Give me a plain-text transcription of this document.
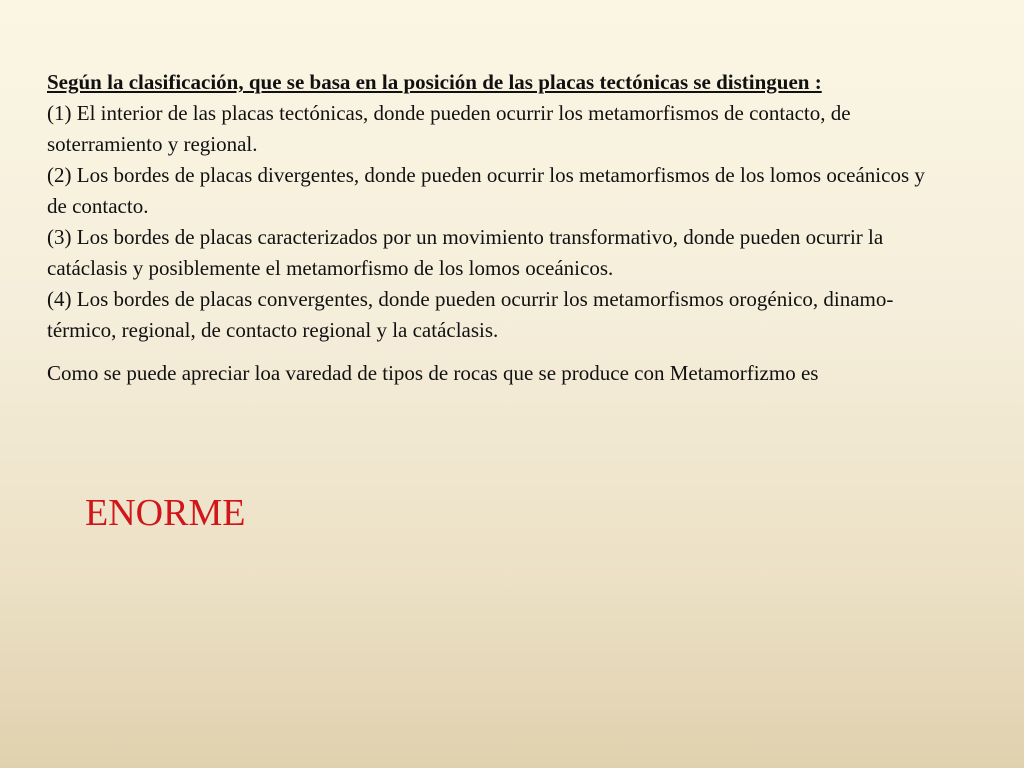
Según la clasificación, que se basa en la posición de las placas tectónicas se distinguen :

(1) El interior de las placas tectónicas, donde pueden ocurrir los metamorfismos de contacto, de soterramiento y regional.

(2) Los bordes de placas divergentes, donde pueden ocurrir los metamorfismos de los lomos oceánicos y de contacto.

(3) Los bordes de placas caracterizados por un movimiento transformativo, donde pueden ocurrir la catáclasis y posiblemente el metamorfismo de los lomos oceánicos.

(4) Los bordes de placas convergentes, donde pueden ocurrir los metamorfismos orogénico, dinamo-térmico, regional, de contacto regional y la catáclasis.

Como se puede apreciar loa varedad de tipos de rocas que se produce con Metamorfizmo es

ENORME
